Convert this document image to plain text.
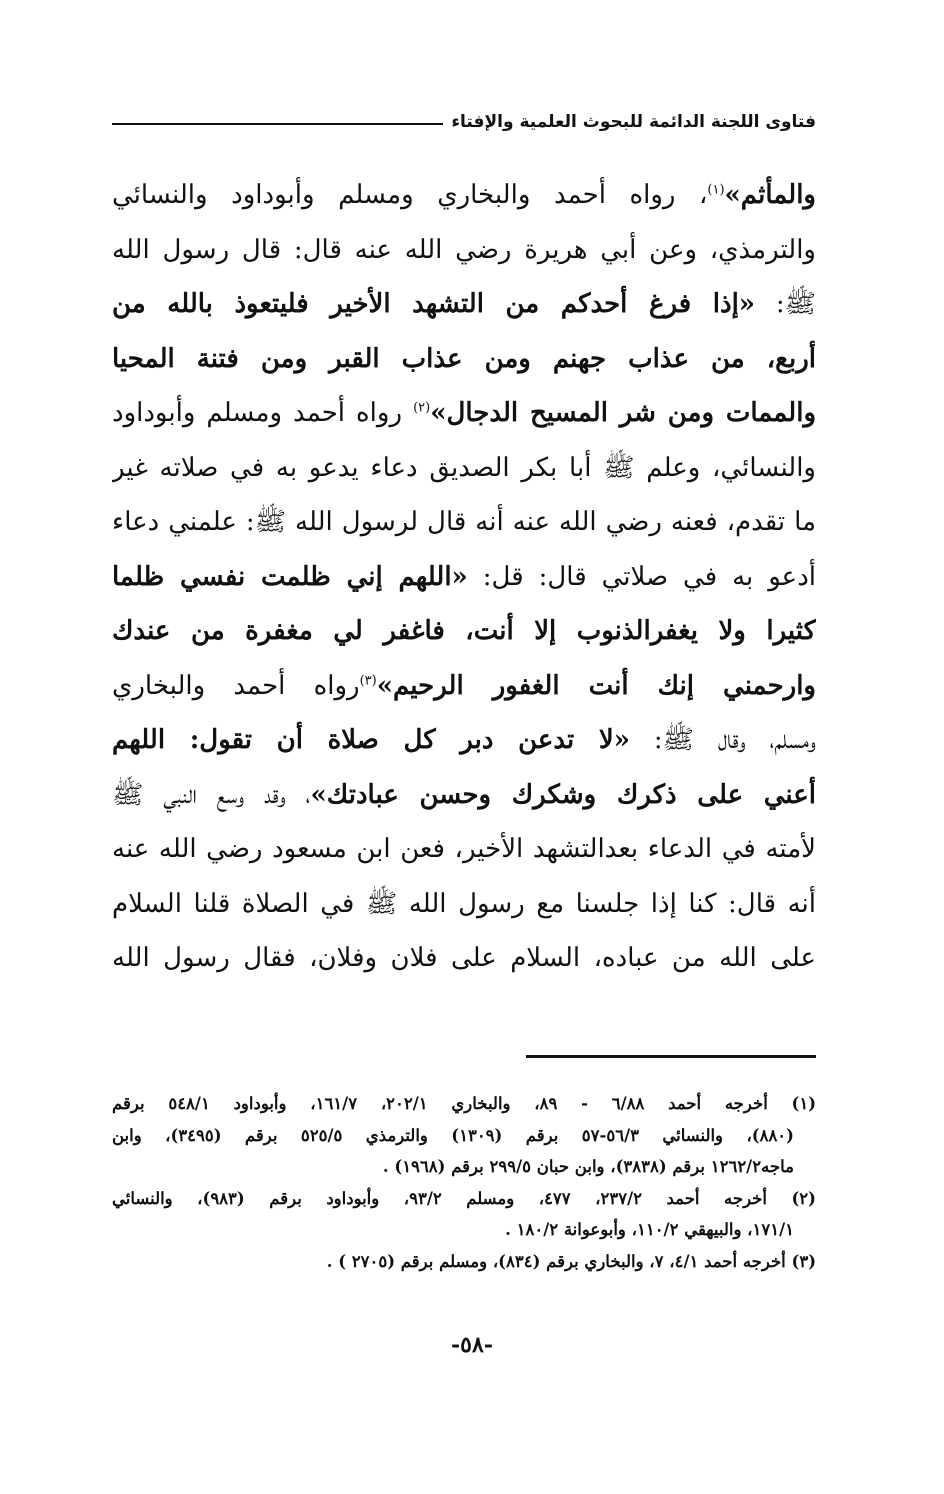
فتاوى اللجنة الدائمة للبحوث العلمية والإفتاء
والمأثم»$^{(١)}$، رواه أحمد والبخاري ومسلم وأبوداود والنسائي
والترمذي، وعن أبي هريرة رضي الله عنه قال: قال رسول الله
ﷺ: «إذا فرغ أحدكم من التشهد الأخير فليتعوذ بالله من
أربع، من عذاب جهنم ومن عذاب القبر ومن فتنة المحيا
والممات ومن شر المسيح الدجال»$^{(٢)}$ رواه أحمد ومسلم وأبوداود
والنسائي، وعلم ﷺ أبا بكر الصديق دعاء يدعو به في صلاته غير
ما تقدم، فعنه رضي الله عنه أنه قال لرسول الله ﷺ: علمني دعاء
أدعو به في صلاتي قال: قل: «اللهم إني ظلمت نفسي ظلما
كثيرا ولا يغفرالذنوب إلا أنت، فاغفر لي مغفرة من عندك
وارحمني إنك أنت الغفور الرحيم»$^{(٣)}$رواه أحمد والبخاري
ومسلم، وقال ﷺ: «لا تدعن دبر كل صلاة أن تقول: اللهم
أعني على ذكرك وشكرك وحسن عبادتك»، وقد وسع النبي ﷺ
لأمته في الدعاء بعدالتشهد الأخير، فعن ابن مسعود رضي الله عنه
أنه قال: كنا إذا جلسنا مع رسول الله ﷺ في الصلاة قلنا السلام
على الله من عباده، السلام على فلان وفلان، فقال رسول الله
(١) أخرجه أحمد ٦/٨٨ - ٨٩، والبخاري ٢٠٢/١، ١٦١/٧، وأبوداود ٥٤٨/١ برقم
(٨٨٠)، والنسائي ٥٦/٣-٥٧ برقم (١٣٠٩) والترمذي ٥٢٥/٥ برقم (٣٤٩٥)، وابن
ماجه١٢٦٢/٢ برقم (٣٨٣٨)، وابن حبان ٢٩٩/٥ برقم (١٩٦٨) .
(٢) أخرجه أحمد ٢٣٧/٢، ٤٧٧، ومسلم ٩٣/٢، وأبوداود برقم (٩٨٣)، والنسائي
١٧١/١، والبيهقي ١١٠/٢، وأبوعوانة ١٨٠/٢ .
(٣) أخرجه أحمد ٤/١، ٧، والبخاري برقم (٨٣٤)، ومسلم برقم (٢٧٠٥ ) .
-٥٨-
